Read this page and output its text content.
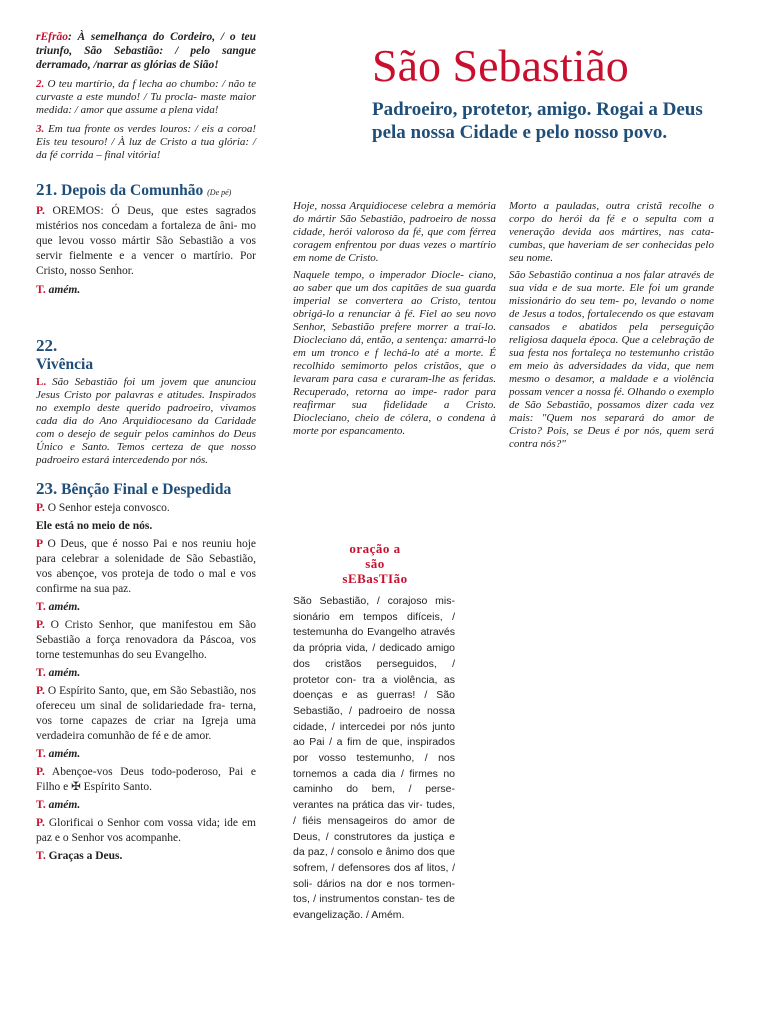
rEfrão: À semelhança do Cordeiro, / o teu triunfo, São Sebastião: / pelo sangue derramado, /narrar as glórias de Sião!

2. O teu martírio, da f lecha ao chumbo: / não te curvaste a este mundo! / Tu procla- maste maior medida: / amor que assume a plena vida!

3. Em tua fronte os verdes louros: / eis a coroa! Eis teu tesouro! / À luz de Cristo a tua glória: / da fé corrida – final vitória!

21. Depois da Comunhão (De pé)

P. OREMOS: Ó Deus, que estes sagrados mistérios nos concedam a fortaleza de âni- mo que levou vosso mártir São Sebastião a vos servir fielmente e a vencer o martírio. Por Cristo, nosso Senhor.

T. amém.

22.
Vivência

L. São Sebastião foi um jovem que anunciou Jesus Cristo por palavras e atitudes. Inspirados no exemplo deste querido padroeiro, vivamos cada dia do Ano Arquidiocesano da Caridade com o desejo de seguir pelos caminhos do Deus Único e Santo. Temos certeza de que nosso padroeiro estará intercedendo por nós.

23. Bênção Final e Despedida

P. O Senhor esteja convosco.

Ele está no meio de nós.

P O Deus, que é nosso Pai e nos reuniu hoje para celebrar a solenidade de São Sebastião, vos abençoe, vos proteja de todo o mal e vos confirme na sua paz.

T. amém.

P. O Cristo Senhor, que manifestou em São Sebastião a força renovadora da Páscoa, vos torne testemunhas do seu Evangelho.

T. amém.

P. O Espírito Santo, que, em São Sebastião, nos ofereceu um sinal de solidariedade fra- terna, vos torne capazes de criar na Igreja uma verdadeira comunhão de fé e de amor.

T. amém.

P. Abençoe-vos Deus todo-poderoso, Pai e Filho e ✠ Espírito Santo.

T. amém.

P. Glorificai o Senhor com vossa vida; ide em paz e o Senhor vos acompanhe.

T. Graças a Deus.

São Sebastião
Padroeiro, protetor, amigo. Rogai a Deus pela nossa Cidade e pelo nosso povo.

Hoje, nossa Arquidiocese celebra a memória do mártir São Sebastião, padroeiro de nossa cidade, herói valoroso da fé, que com férrea coragem enfrentou por duas vezes o martírio em nome de Cristo.

Naquele tempo, o imperador Diocle- ciano, ao saber que um dos capitães de sua guarda imperial se convertera ao Cristo, tentou obrigá-lo a renunciar à fé. Fiel ao seu novo Senhor, Sebastião prefere morrer a traí-lo. Diocleciano dá, então, a sentença: amarrá-lo em um tronco e f lechá-lo até a morte. É recolhido semimorto pelos cristãos, que o levaram para casa e curaram-lhe as feridas. Recuperado, retorna ao impe- rador para reafirmar sua fidelidade a Cristo. Diocleciano, cheio de cólera, o condena à morte por espancamento.

Morto a pauladas, outra cristã recolhe o corpo do herói da fé e o sepulta com a veneração devida aos mártires, nas cata- cumbas, que haveriam de ser conhecidas pelo seu nome.

São Sebastião continua a nos falar através de sua vida e de sua morte. Ele foi um grande missionário do seu tem- po, levando o nome de Jesus a todos, fortalecendo os que estavam cansados e abatidos pela perseguição religiosa daquela época. Que a celebração de sua festa nos fortaleça no testemunho cristão em meio às adversidades da vida, que nem mesmo o desamor, a maldade e a violência possam vencer a nossa fé. Olhando o exemplo de São Sebastião, possamos dizer cada vez mais: "Quem nos separará do amor de Cristo? Pois, se Deus é por nós, quem será contra nós?"

oração a
são
sEBasTIão
São Sebastião, / corajoso mis- sionário em tempos difíceis, / testemunha do Evangelho através da própria vida, / dedicado amigo dos cristãos perseguidos, / protetor con- tra a violência, as doenças e as guerras! / São Sebastião, / padroeiro de nossa cidade, / intercedei por nós junto ao Pai / a fim de que, inspirados por vosso testemunho, / nos tornemos a cada dia / firmes no caminho do bem, / perse- verantes na prática das vir- tudes, / fiéis mensageiros do amor de Deus, / construtores da justiça e da paz, / consolo e ânimo dos que sofrem, / defensores dos af litos, / soli- dários na dor e nos tormen- tos, / instrumentos constan- tes de evangelização. / Amém.
